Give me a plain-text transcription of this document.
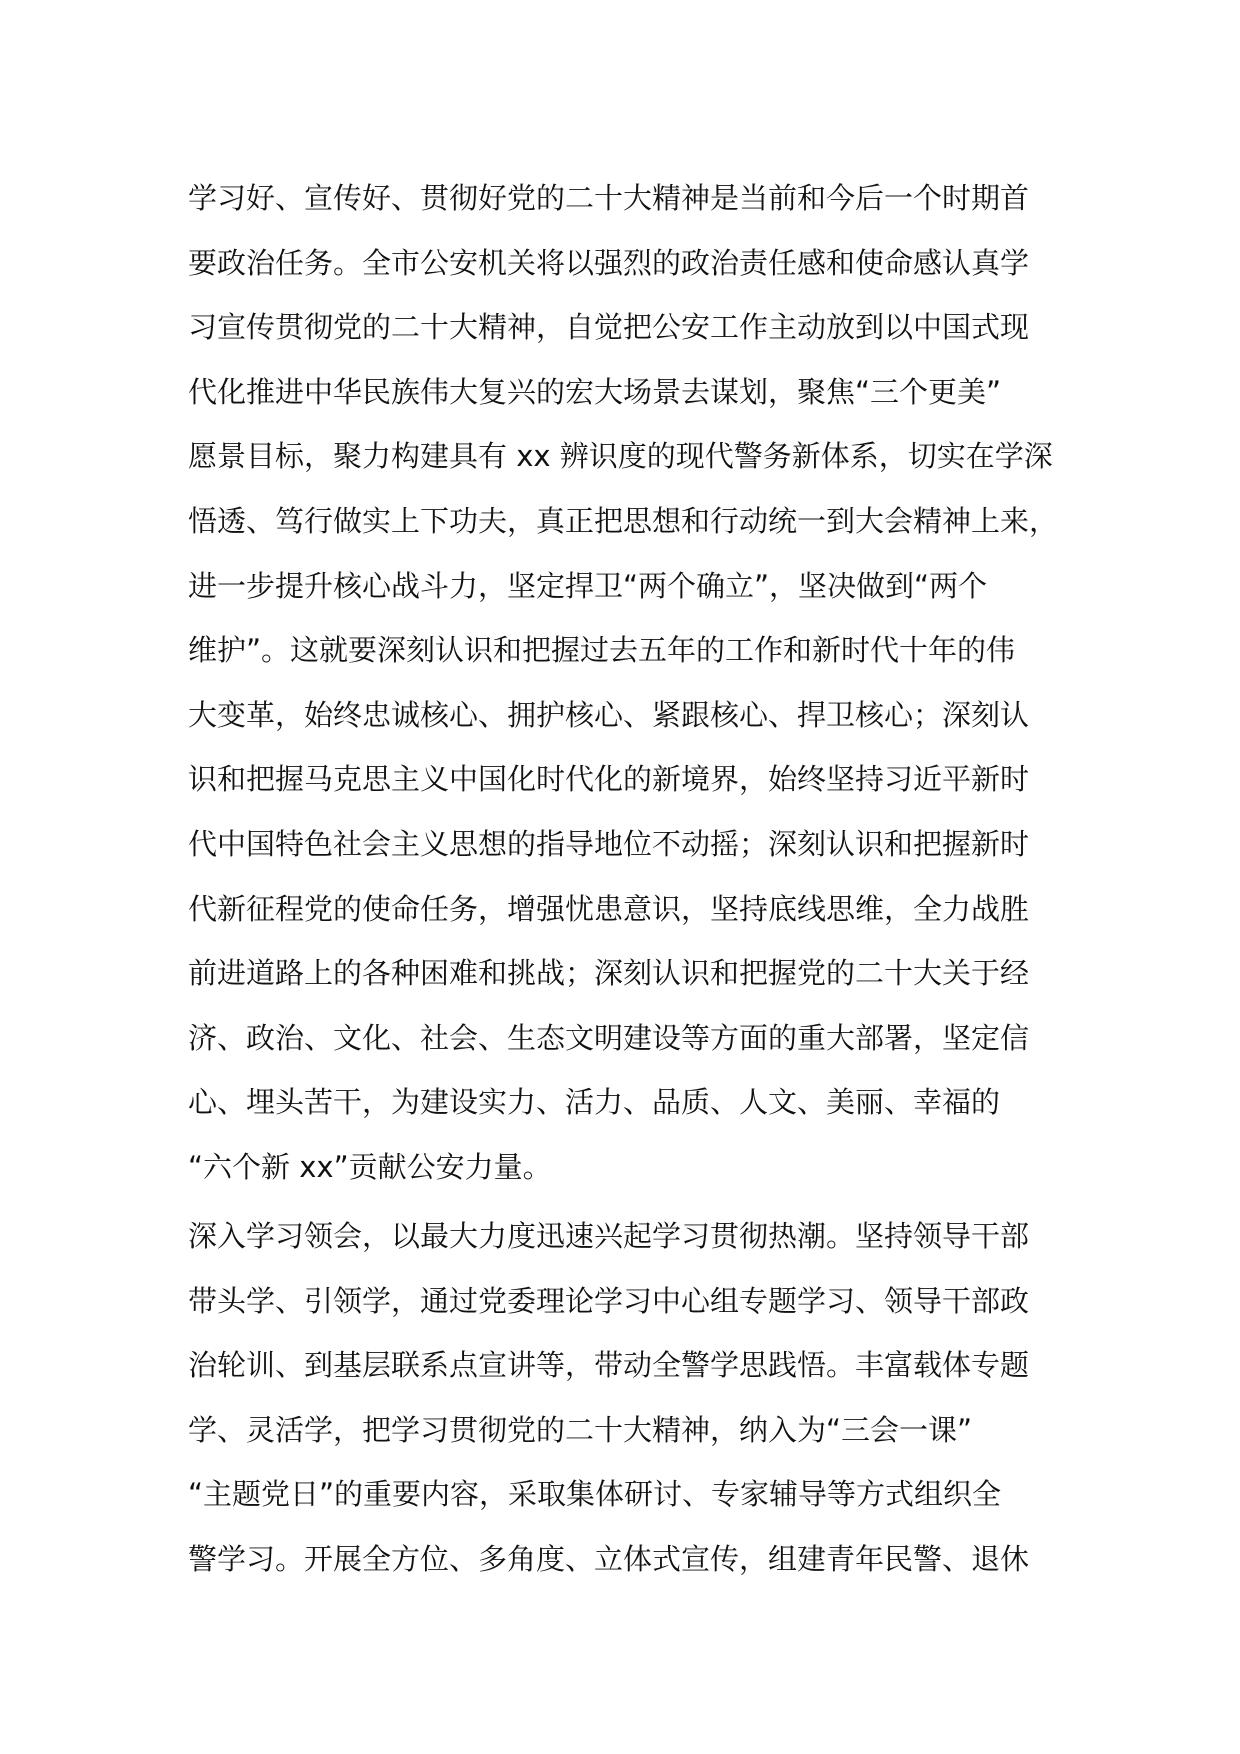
学习好、宣传好、贯彻好党的二十大精神是当前和今后一个时期首
要政治任务。全市公安机关将以强烈的政治责任感和使命感认真学
习宣传贯彻党的二十大精神，自觉把公安工作主动放到以中国式现
代化推进中华民族伟大复兴的宏大场景去谋划，聚焦“三个更美”
愿景目标，聚力构建具有 xx 辨识度的现代警务新体系，切实在学深
悟透、笃行做实上下功夫，真正把思想和行动统一到大会精神上来，
进一步提升核心战斗力，坚定捍卫“两个确立”，坚决做到“两个
维护”。这就要深刻认识和把握过去五年的工作和新时代十年的伟
大变革，始终忠诚核心、拥护核心、紧跟核心、捍卫核心；深刻认
识和把握马克思主义中国化时代化的新境界，始终坚持习近平新时
代中国特色社会主义思想的指导地位不动摇；深刻认识和把握新时
代新征程党的使命任务，增强忧患意识，坚持底线思维，全力战胜
前进道路上的各种困难和挑战；深刻认识和把握党的二十大关于经
济、政治、文化、社会、生态文明建设等方面的重大部署，坚定信
心、埋头苦干，为建设实力、活力、品质、人文、美丽、幸福的
“六个新 xx”贡献公安力量。
深入学习领会，以最大力度迅速兴起学习贯彻热潮。坚持领导干部
带头学、引领学，通过党委理论学习中心组专题学习、领导干部政
治轮训、到基层联系点宣讲等，带动全警学思践悟。丰富载体专题
学、灵活学，把学习贯彻党的二十大精神，纳入为“三会一课”
“主题党日”的重要内容，采取集体研讨、专家辅导等方式组织全
警学习。开展全方位、多角度、立体式宣传，组建青年民警、退休
